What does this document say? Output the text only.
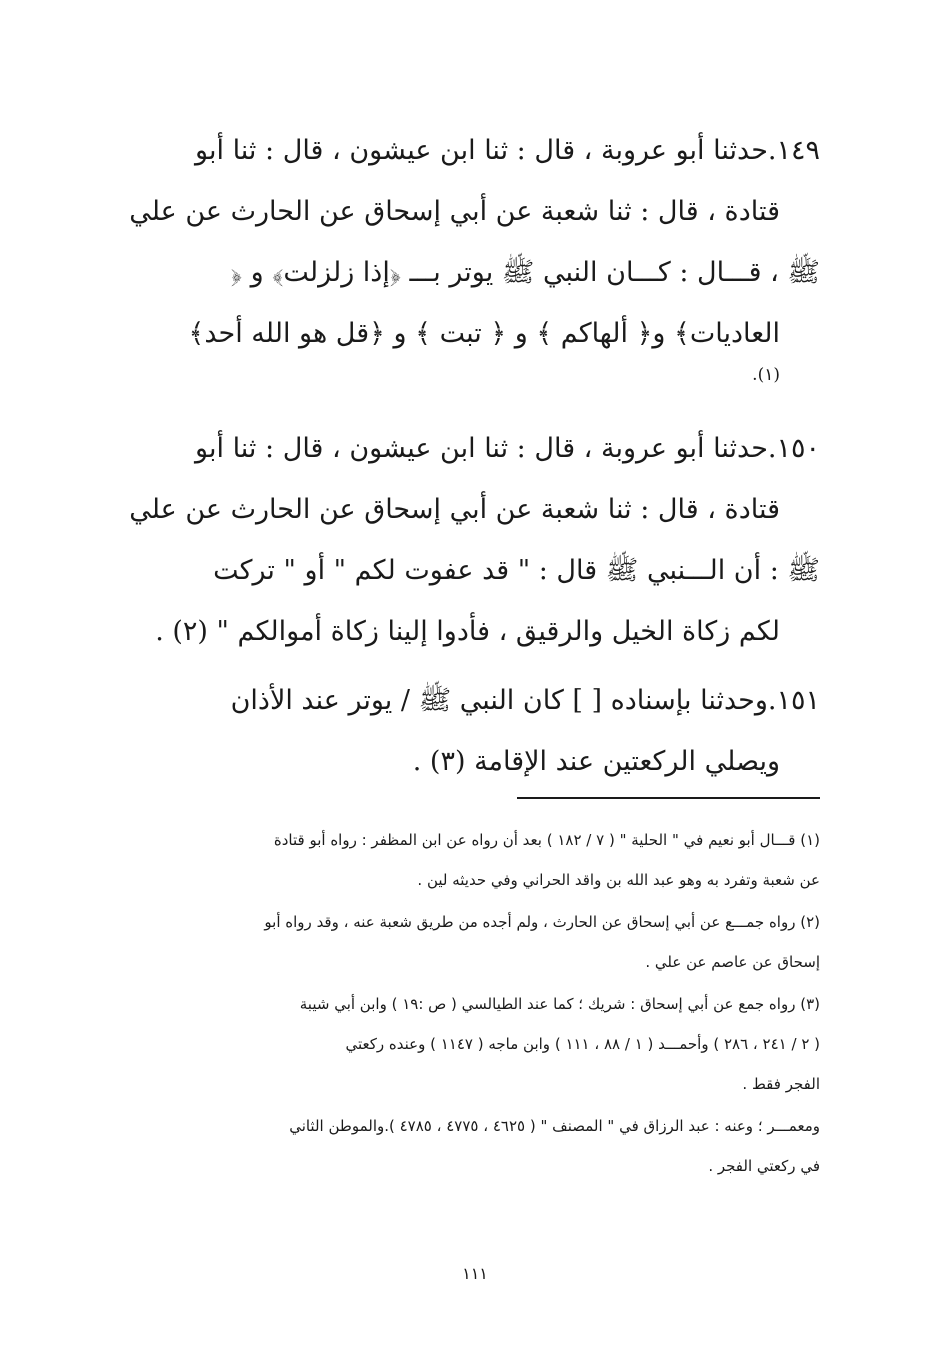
١٤٩.حدثنا أبو عروبة ، قال : ثنا ابن عيشون ، قال : ثنا أبو
قتادة ، قال : ثنا شعبة عن أبي إسحاق عن الحارث عن علي
ﷺ ، قـــال : كـــان النبي ﷺ يوتر بـــ ﴿إذا زلزلت﴾ و ﴿
العاديات﴾ و﴿ ألهاكم ﴾ و ﴿ تبت ﴾ و ﴿قل هو الله أحد﴾
(١).
١٥٠.حدثنا أبو عروبة ، قال : ثنا ابن عيشون ، قال : ثنا أبو
قتادة ، قال : ثنا شعبة عن أبي إسحاق عن الحارث عن علي
ﷺ : أن الـــنبي ﷺ قال : " قد عفوت لكم " أو " تركت
لكم زكاة الخيل والرقيق ، فأدوا إلينا زكاة أموالكم " (٢) .
١٥١.وحدثنا بإسناده [ ] كان النبي ﷺ / يوتر عند الأذان
ويصلي الركعتين عند الإقامة (٣) .
(١) قـــال أبو نعيم في " الحلية " ( ٧ / ١٨٢ ) بعد أن رواه عن ابن المظفر : رواه أبو قتادة
عن شعبة وتفرد به وهو عبد الله بن واقد الحراني وفي حديثه لين .
(٢) رواه جمـــع عن أبي إسحاق عن الحارث ، ولم أجده من طريق شعبة عنه ، وقد رواه أبو
إسحاق عن عاصم عن علي .
(٣) رواه جمع عن أبي إسحاق : شريك ؛ كما عند الطيالسي ( ص :١٩ ) وابن أبي شيبة
( ٢ / ٢٤١ ، ٢٨٦ ) وأحمـــد ( ١ / ٨٨ ، ١١١ ) وابن ماجه ( ١١٤٧ ) وعنده ركعتي
الفجر فقط .
ومعمـــر ؛ وعنه : عبد الرزاق في " المصنف " ( ٤٦٢٥ ، ٤٧٧٥ ، ٤٧٨٥ ).والموطن الثاني
في ركعتي الفجر .
١١١
